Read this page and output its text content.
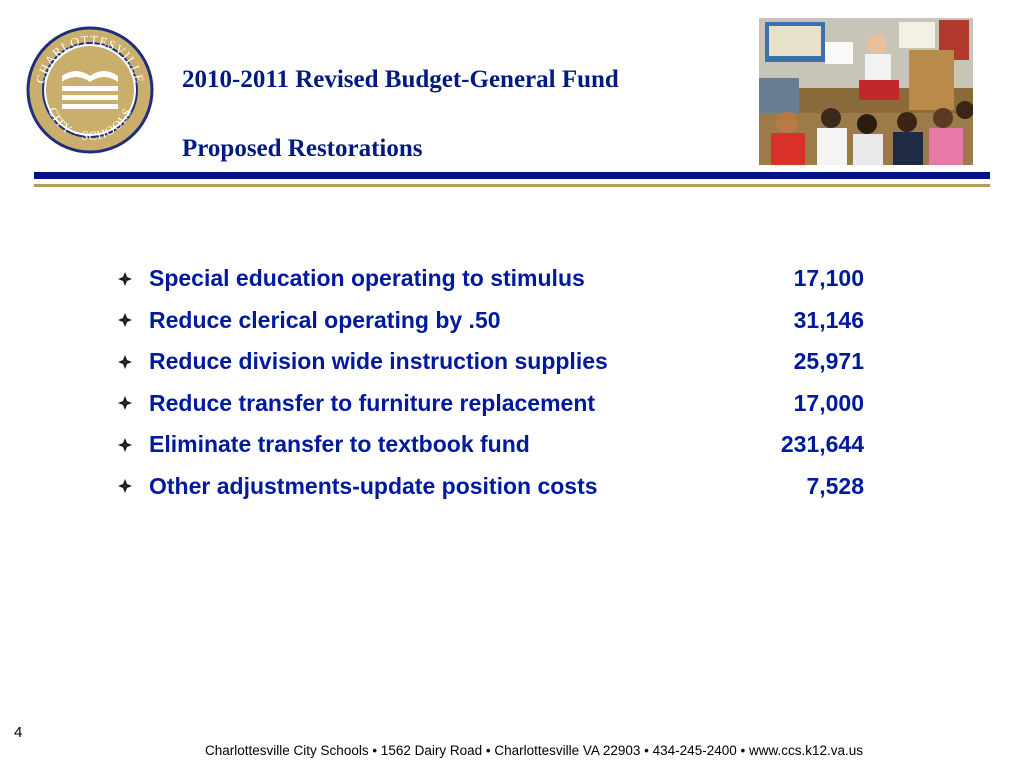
CHARLOTTESVILLE
CITY · SCHOOLS
2010-2011 Revised Budget-General Fund
Proposed Restorations
Special education operating to stimulus	17,100
Reduce clerical operating by .50	31,146
Reduce division wide instruction supplies	25,971
Reduce transfer to furniture replacement	17,000
Eliminate transfer to textbook fund	231,644
Other adjustments-update position costs	7,528
4
Charlottesville City Schools • 1562 Dairy Road • Charlottesville VA 22903 • 434-245-2400 • www.ccs.k12.va.us
